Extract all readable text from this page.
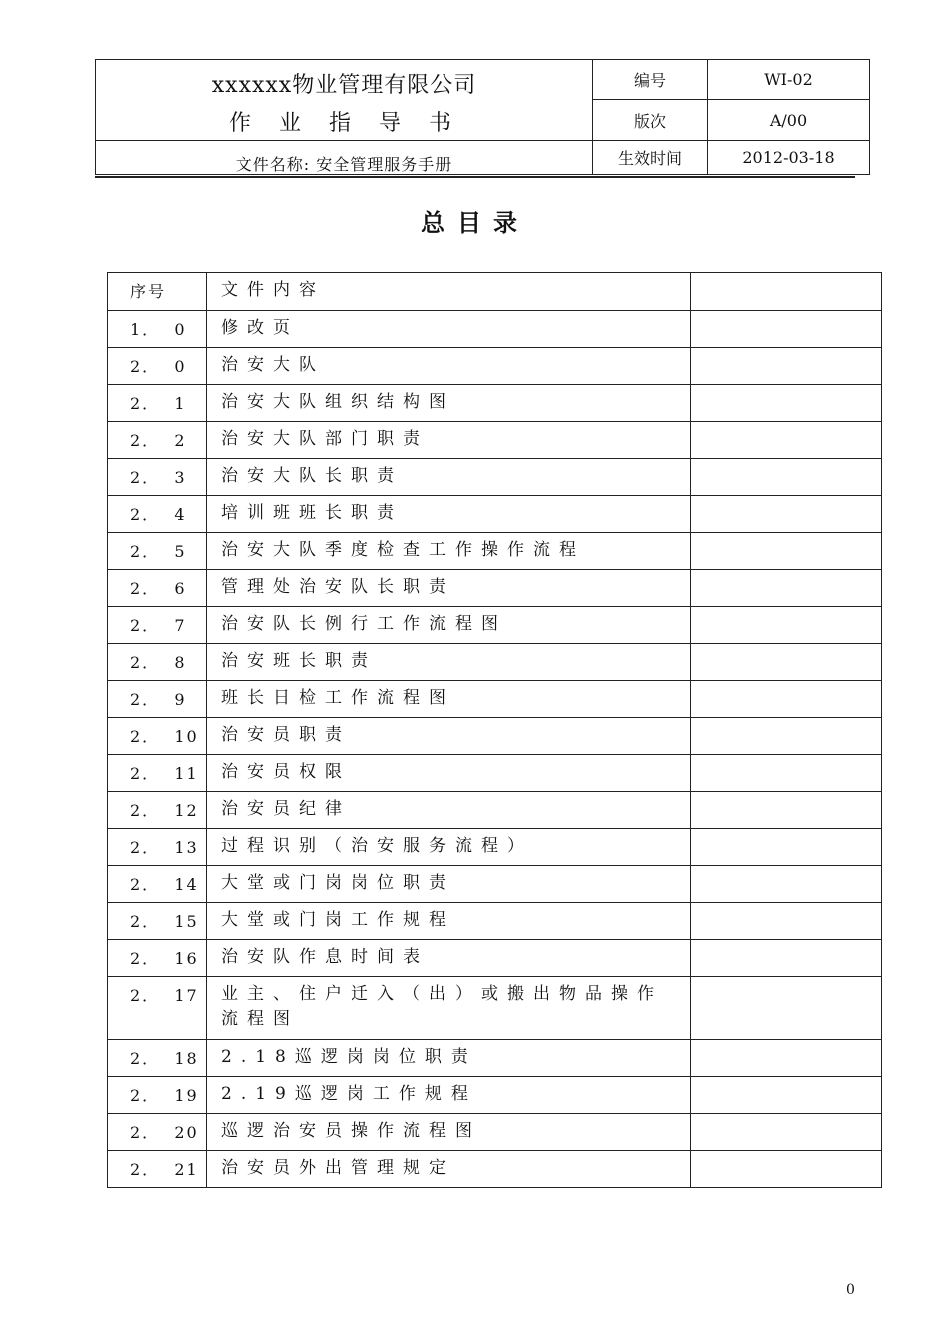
xxxxxx物业管理有限公司
作业指导书
文件名称: 安全管理服务手册
编号	WI-02
版次	A/00
生效时间	2012-03-18
总目录
序号	文件内容
1．  0	修改页
2．  0	治安大队
2．  1	治安大队组织结构图
2．  2	治安大队部门职责
2．  3	治安大队长职责
2．  4	培训班班长职责
2．  5	治安大队季度检查工作操作流程
2．  6	管理处治安队长职责
2．  7	治安队长例行工作流程图
2．  8	治安班长职责
2．  9	班长日检工作流程图
2．  10	治安员职责
2．  11	治安员权限
2．  12	治安员纪律
2．  13	过程识别（治安服务流程）
2．  14	大堂或门岗岗位职责
2．  15	大堂或门岗工作规程
2．  16	治安队作息时间表
2．  17	业主、住户迁入（出）或搬出物品操作流程图
2．  18	2.18巡逻岗岗位职责
2．  19	2.19巡逻岗工作规程
2．  20	巡逻治安员操作流程图
2．  21	治安员外出管理规定
0
